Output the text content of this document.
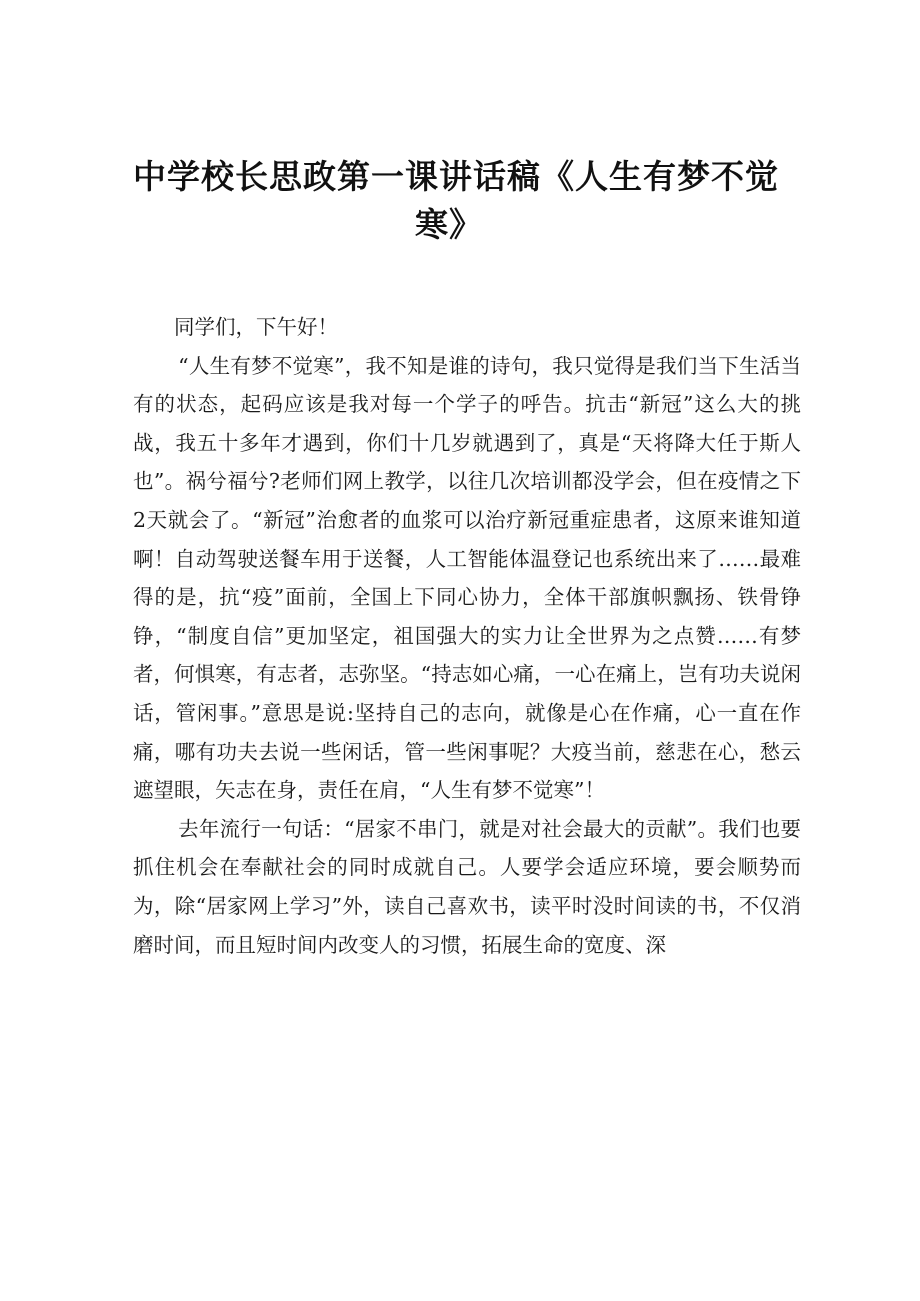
中学校长思政第一课讲话稿《人生有梦不觉
寒》

同学们，下午好！

“人生有梦不觉寒”，我不知是谁的诗句，我只觉得是我们当下生活当有的状态，起码应该是我对每一个学子的呼告。抗击“新冠”这么大的挑战，我五十多年才遇到，你们十几岁就遇到了，真是“天将降大任于斯人也”。祸兮福兮?老师们网上教学，以往几次培训都没学会，但在疫情之下2天就会了。“新冠”治愈者的血浆可以治疗新冠重症患者，这原来谁知道啊！自动驾驶送餐车用于送餐，人工智能体温登记也系统出来了……最难得的是，抗“疫”面前，全国上下同心协力，全体干部旗帜飘扬、铁骨铮铮，“制度自信”更加坚定，祖国强大的实力让全世界为之点赞……有梦者，何惧寒，有志者，志弥坚。“持志如心痛，一心在痛上，岂有功夫说闲话，管闲事。”意思是说:坚持自己的志向，就像是心在作痛，心一直在作痛，哪有功夫去说一些闲话，管一些闲事呢？大疫当前，慈悲在心，愁云遮望眼，矢志在身，责任在肩，“人生有梦不觉寒”！

去年流行一句话：“居家不串门，就是对社会最大的贡献”。我们也要抓住机会在奉献社会的同时成就自己。人要学会适应环境，要会顺势而为，除“居家网上学习”外，读自己喜欢书，读平时没时间读的书，不仅消磨时间，而且短时间内改变人的习惯，拓展生命的宽度、深
